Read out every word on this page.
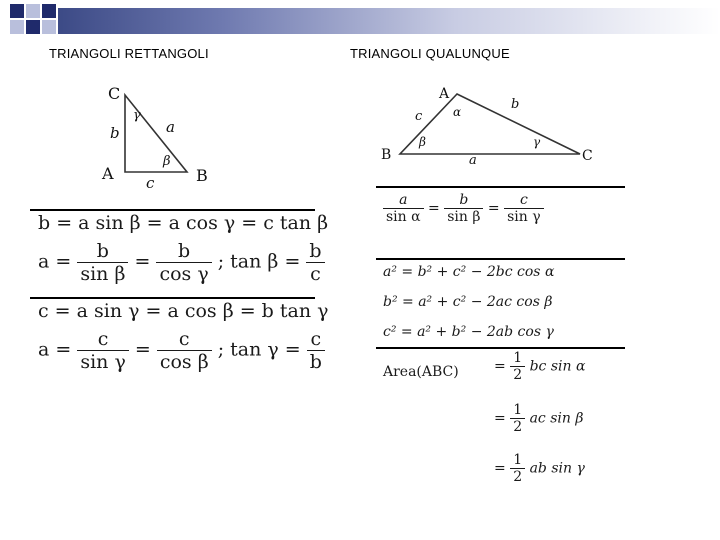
TRIANGOLI RETTANGOLI	TRIANGOLI QUALUNQUE
C
A	B
b	a
c
γ
β
A
B	C
c
b
a
α
β	γ
b = a sin β = a cos γ = c tan β
$a = \frac{b}{\text{sin β}} = \frac{b}{\text{cos γ}}$ ; $\tan \beta = \frac{b}{c}$
c = a sin γ = a cos β = b tan γ
$a = \frac{c}{\text{sin γ}} = \frac{c}{\text{cos β}}$ ; $\tan \gamma = \frac{c}{b}$
$\frac{a}{\text{sin α}} = \frac{b}{\text{sin β}} = \frac{c}{\text{sin γ}}$
a² = b² + c² − 2bc cos α
b² = a² + c² − 2ac cos β
c² = a² + b² − 2ab cos γ
Area(ABC)	= $\frac{1}{2}$ bc sin α
= $\frac{1}{2}$ ac sin β
= $\frac{1}{2}$ ab sin γ
